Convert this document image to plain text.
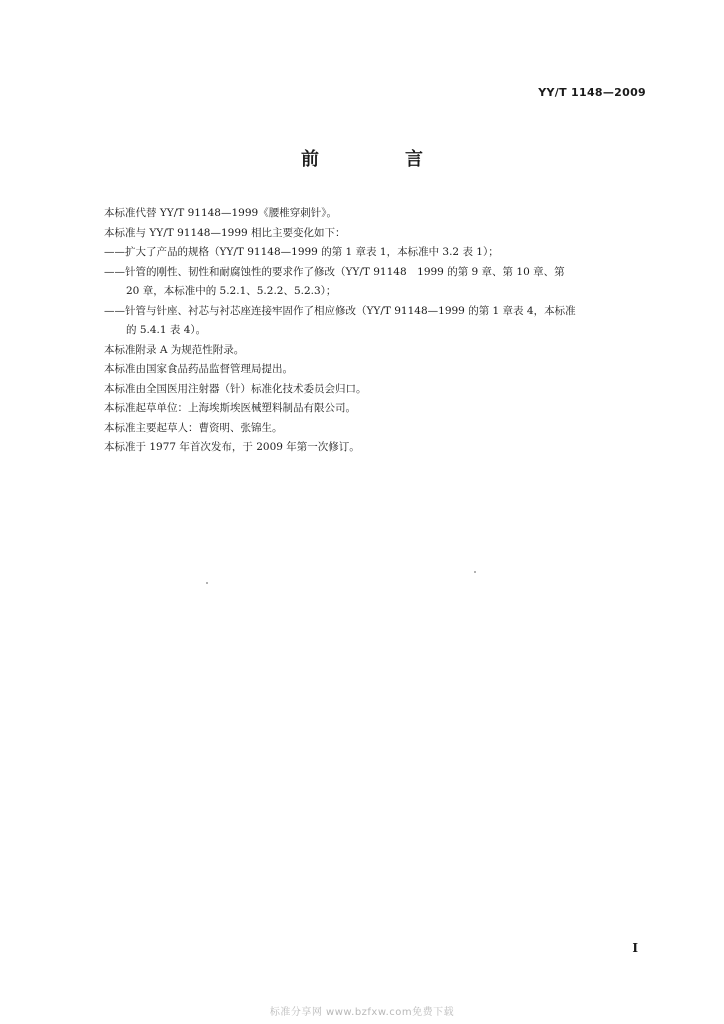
YY/T 1148—2009
前　言

本标准代替 YY/T 91148—1999《腰椎穿刺针》。

本标准与 YY/T 91148—1999 相比主要变化如下：

——扩大了产品的规格（YY/T 91148—1999 的第 1 章表 1，本标准中 3.2 表 1）；

——针管的刚性、韧性和耐腐蚀性的要求作了修改（YY/T 91148　1999 的第 9 章、第 10 章、第

20 章，本标准中的 5.2.1、5.2.2、5.2.3）；

——针管与针座、衬芯与衬芯座连接牢固作了相应修改（YY/T 91148—1999 的第 1 章表 4，本标准

的 5.4.1 表 4）。

本标准附录 A 为规范性附录。

本标准由国家食品药品监督管理局提出。

本标准由全国医用注射器（针）标准化技术委员会归口。

本标准起草单位：上海埃斯埃医械塑料制品有限公司。

本标准主要起草人：曹资明、张锦生。

本标准于 1977 年首次发布，于 2009 年第一次修订。

I
标准分享网 www.bzfxw.com免费下载
